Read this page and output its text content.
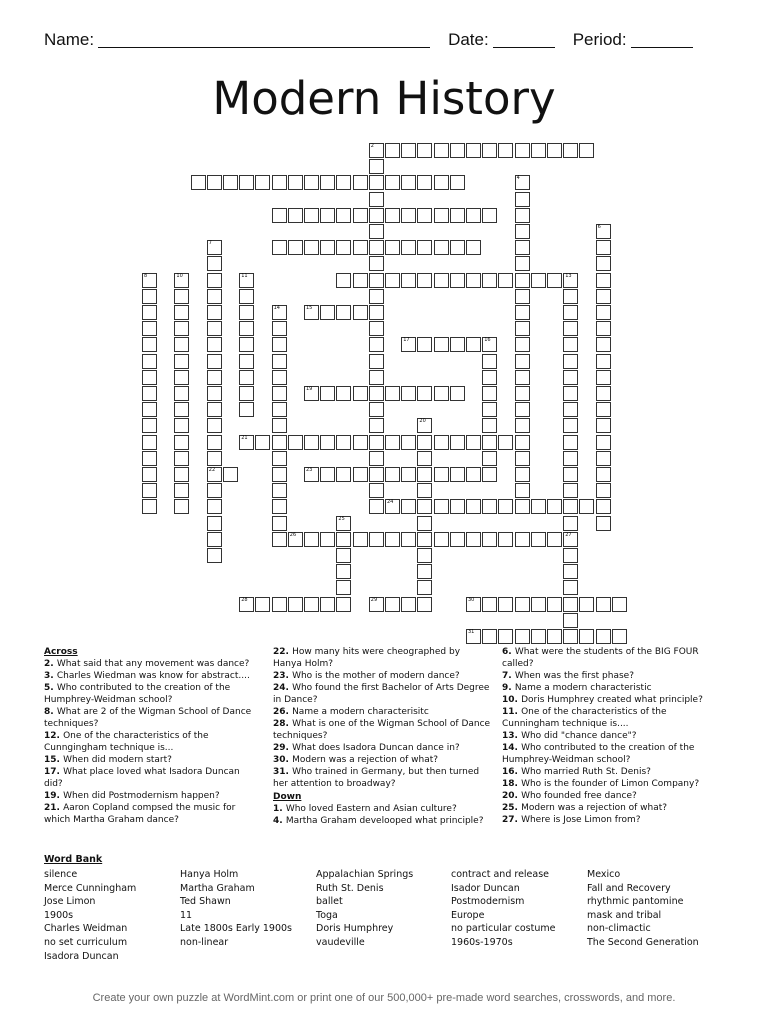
Name:	Date:	Period:
Modern History
2
4
6
7
22
8	10	11	13
14	15
17	16
19
20
21
23
24
25
26	27
28	29	30
31
Across
2. What said that any movement was dance?
3. Charles Wiedman was know for abstract....
5. Who contributed to the creation of the Humphrey-Weidman school?
8. What are 2 of the Wigman School of Dance techniques?
12. One of the characteristics of the Cunngingham technique is...
15. When did modern start?
17. What place loved what Isadora Duncan did?
19. When did Postmodernism happen?
21. Aaron Copland compsed the music for which Martha Graham dance?
22. How many hits were cheographed by Hanya Holm?
23. Who is the mother of modern dance?
24. Who found the first Bachelor of Arts Degree in Dance?
26. Name a modern characterisitc
28. What is one of the Wigman School of Dance techniques?
29. What does Isadora Duncan dance in?
30. Modern was a rejection of what?
31. Who trained in Germany, but then turned her attention to broadway?
Down
1. Who loved Eastern and Asian culture?
4. Martha Graham develooped what principle?
6. What were the students of the BIG FOUR called?
7. When was the first phase?
9. Name a modern characteristic
10. Doris Humphrey created what principle?
11. One of the characteristics of the Cunningham technique is....
13. Who did "chance dance"?
14. Who contributed to the creation of the Humphrey-Weidman school?
16. Who married Ruth St. Denis?
18. Who is the founder of Limon Company?
20. Who founded free dance?
25. Modern was a rejection of what?
27. Where is Jose Limon from?
Word Bank
silence
Merce Cunningham
Jose Limon
1900s
Charles Weidman
no set curriculum
Isadora Duncan
Hanya Holm
Martha Graham
Ted Shawn
11
Late 1800s Early 1900s
non-linear
Appalachian Springs
Ruth St. Denis
ballet
Toga
Doris Humphrey
vaudeville
contract and release
Isador Duncan
Postmodernism
Europe
no particular costume
1960s-1970s
Mexico
Fall and Recovery
rhythmic pantomine
mask and tribal
non-climactic
The Second Generation
Create your own puzzle at WordMint.com or print one of our 500,000+ pre-made word searches, crosswords, and more.
